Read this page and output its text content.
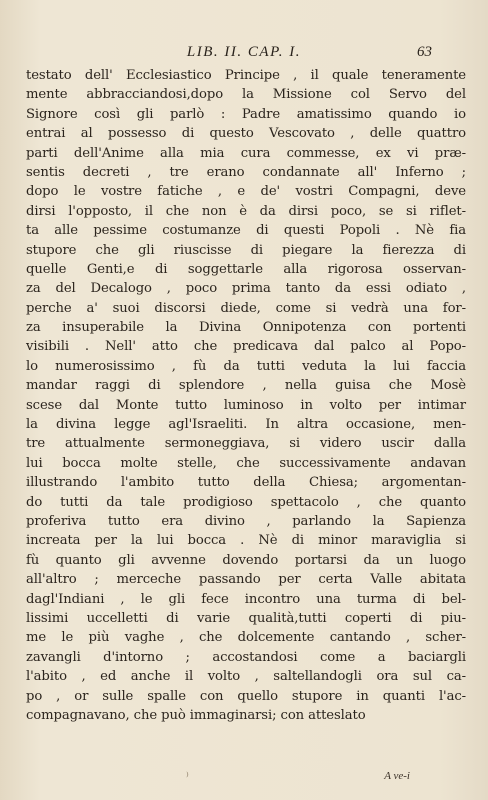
LIB. II. CAP. I.	63
testato dell' Ecclesiastico Principe , il quale teneramente
mente abbracciandosi,dopo la Missione col Servo del
Signore così gli parlò : Padre amatissimo quando io
entrai al possesso di questo Vescovato , delle quattro
parti dell'Anime alla mia cura commesse, ex vi præ-
sentis decreti , tre erano condannate all' Inferno ;
dopo le vostre fatiche , e de' vostri Compagni, deve
dirsi l'opposto, il che non è da dirsi poco, se si riflet-
ta alle pessime costumanze di questi Popoli . Nè fia
stupore che gli riuscisse di piegare la fierezza di
quelle Genti,e di soggettarle alla rigorosa osservan-
za del Decalogo , poco prima tanto da essi odiato ,
perche a' suoi discorsi diede, come si vedrà una for-
za insuperabile la Divina Onnipotenza con portenti
visibili . Nell' atto che predicava dal palco al Popo-
lo numerosissimo , fù da tutti veduta la lui faccia
mandar raggi di splendore , nella guisa che Mosè
scese dal Monte tutto luminoso in volto per intimar
la divina legge agl'Israeliti. In altra occasione, men-
tre attualmente sermoneggiava, si videro uscir dalla
lui bocca molte stelle, che successivamente andavan
illustrando l'ambito tutto della Chiesa; argomentan-
do tutti da tale prodigioso spettacolo , che quanto
proferiva tutto era divino , parlando la Sapienza
increata per la lui bocca . Nè di minor maraviglia si
fù quanto gli avvenne dovendo portarsi da un luogo
all'altro ; merceche passando per certa Valle abitata
dagl'Indiani , le gli fece incontro una turma di bel-
lissimi uccelletti di varie qualità,tutti coperti di piu-
me le più vaghe , che dolcemente cantando , scher-
zavangli d'intorno ; accostandosi come a baciargli
l'abito , ed anche il volto , saltellandogli ora sul ca-
po , or sulle spalle con quello stupore in quanti l'ac-
compagnavano, che può immaginarsi; con atteslato
⁾	A ve-i
